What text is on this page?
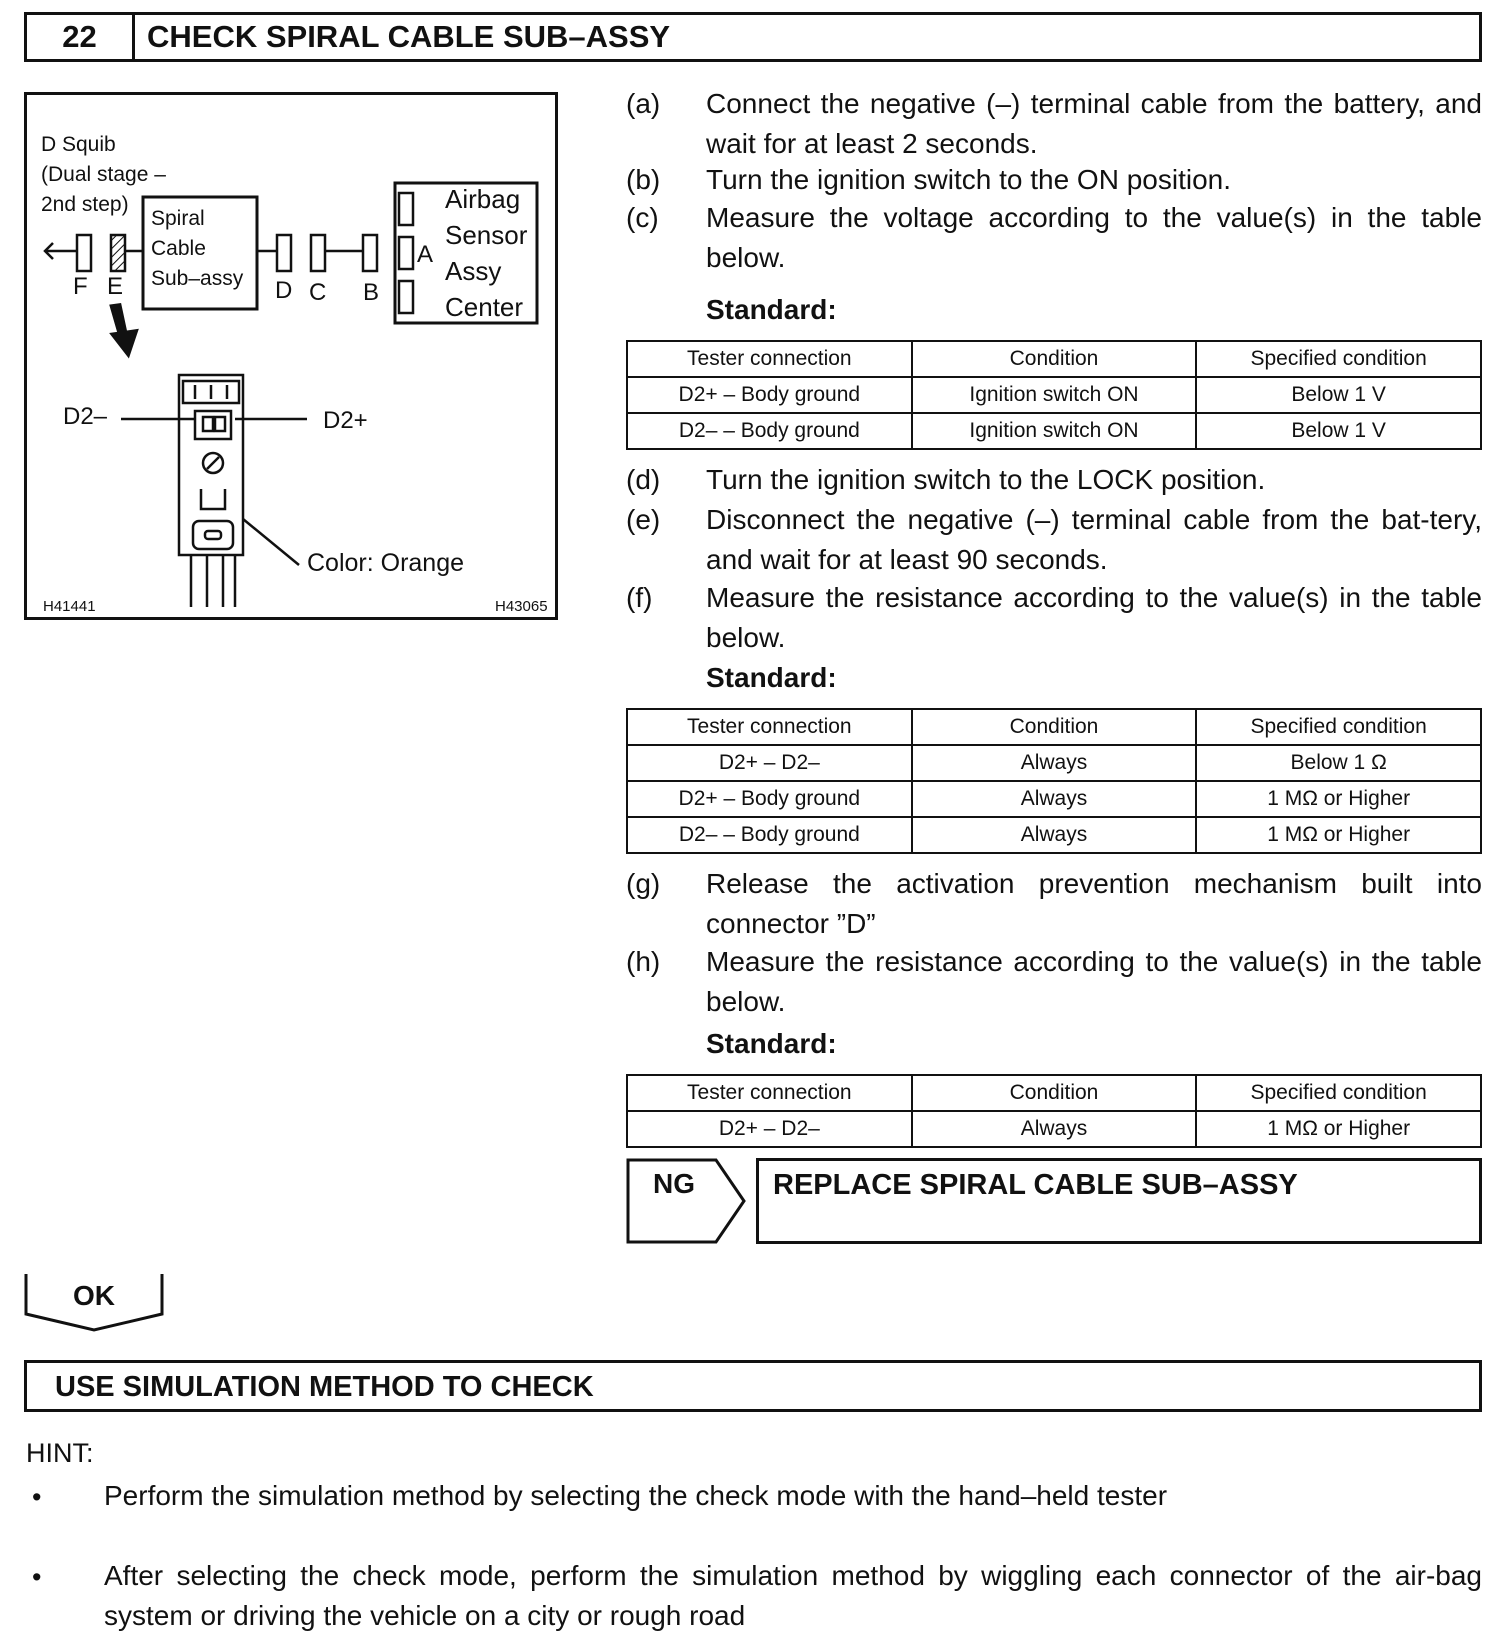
22	CHECK SPIRAL CABLE SUB–ASSY
D Squib
(Dual stage –
2nd step)
Spiral
Cable
Sub–assy
Airbag
Sensor
Assy
Center
F E	D C B
A
D2–	D2+
Color: Orange
H41441	H43065
(a) Connect the negative (–) terminal cable from the battery, and wait for at least 2 seconds.
(b) Turn the ignition switch to the ON position.
(c) Measure the voltage according to the value(s) in the table below.
Standard:
Tester connection	Condition	Specified condition
D2+ – Body ground	Ignition switch ON	Below 1 V
D2– – Body ground	Ignition switch ON	Below 1 V
(d) Turn the ignition switch to the LOCK position.
(e) Disconnect the negative (–) terminal cable from the bat-tery, and wait for at least 90 seconds.
(f) Measure the resistance according to the value(s) in the table below.
Standard:
Tester connection	Condition	Specified condition
D2+ – D2–	Always	Below 1 Ω
D2+ – Body ground	Always	1 MΩ or Higher
D2– – Body ground	Always	1 MΩ or Higher
(g) Release the activation prevention mechanism built into connector ”D”
(h) Measure the resistance according to the value(s) in the table below.
Standard:
Tester connection	Condition	Specified condition
D2+ – D2–	Always	1 MΩ or Higher
NG	REPLACE SPIRAL CABLE SUB–ASSY
OK
USE SIMULATION METHOD TO CHECK
HINT:
• Perform the simulation method by selecting the check mode with the hand–held tester
• After selecting the check mode, perform the simulation method by wiggling each connector of the air-bag system or driving the vehicle on a city or rough road
